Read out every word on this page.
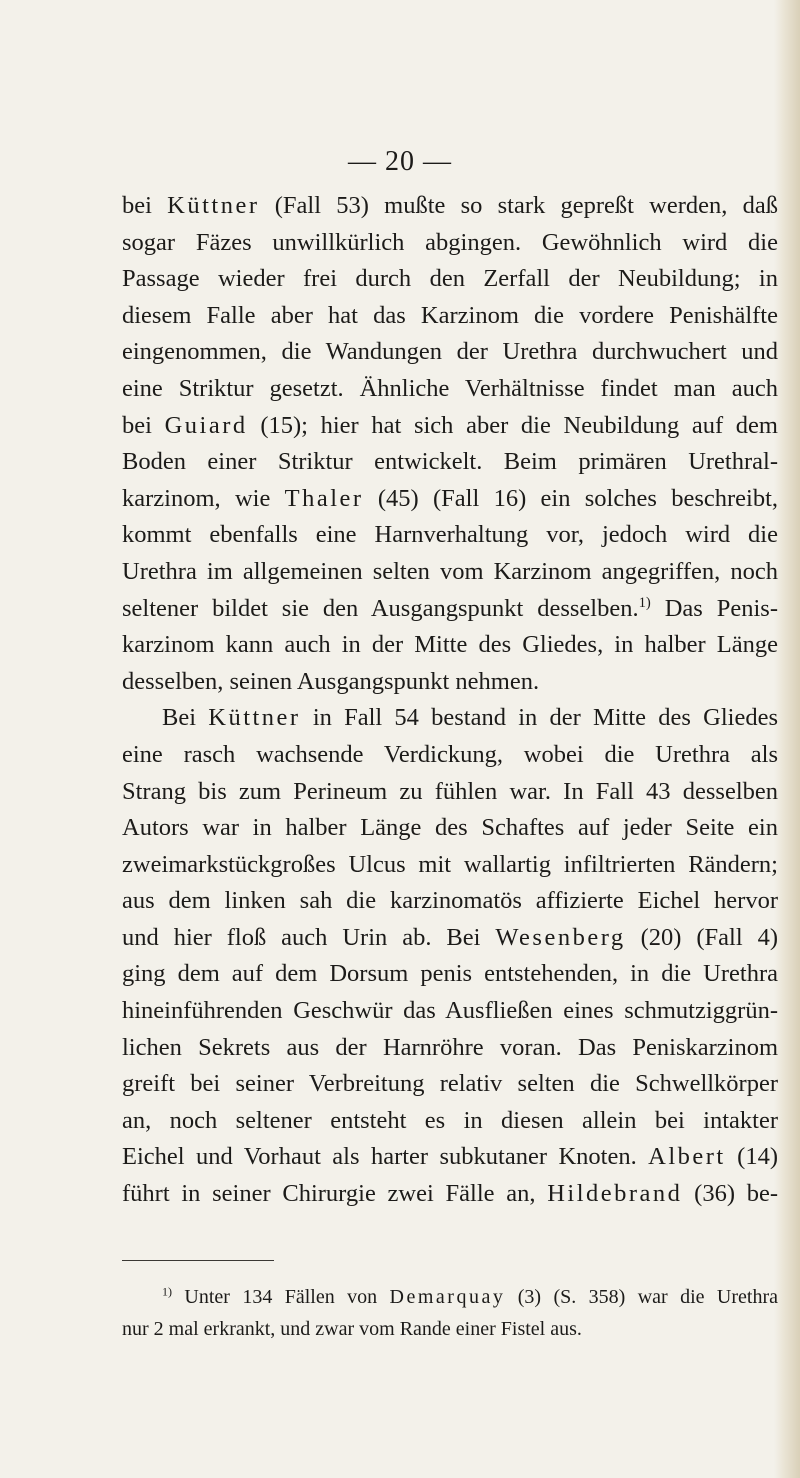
— 20 —
bei Küttner (Fall 53) mußte so stark gepreßt werden, daß
sogar Fäzes unwillkürlich abgingen. Gewöhnlich wird die
Passage wieder frei durch den Zerfall der Neubildung; in
diesem Falle aber hat das Karzinom die vordere Penishälfte
eingenommen, die Wandungen der Urethra durchwuchert und
eine Striktur gesetzt. Ähnliche Verhältnisse findet man auch
bei Guiard (15); hier hat sich aber die Neubildung auf dem
Boden einer Striktur entwickelt. Beim primären Urethral-
karzinom, wie Thaler (45) (Fall 16) ein solches beschreibt,
kommt ebenfalls eine Harnverhaltung vor, jedoch wird die
Urethra im allgemeinen selten vom Karzinom angegriffen, noch
seltener bildet sie den Ausgangspunkt desselben.$^{1)}$ Das Penis-
karzinom kann auch in der Mitte des Gliedes, in halber Länge
desselben, seinen Ausgangspunkt nehmen.
Bei Küttner in Fall 54 bestand in der Mitte des Gliedes
eine rasch wachsende Verdickung, wobei die Urethra als
Strang bis zum Perineum zu fühlen war. In Fall 43 desselben
Autors war in halber Länge des Schaftes auf jeder Seite ein
zweimarkstückgroßes Ulcus mit wallartig infiltrierten Rändern;
aus dem linken sah die karzinomatös affizierte Eichel hervor
und hier floß auch Urin ab. Bei Wesenberg (20) (Fall 4)
ging dem auf dem Dorsum penis entstehenden, in die Urethra
hineinführenden Geschwür das Ausfließen eines schmutziggrün-
lichen Sekrets aus der Harnröhre voran. Das Peniskarzinom
greift bei seiner Verbreitung relativ selten die Schwellkörper
an, noch seltener entsteht es in diesen allein bei intakter
Eichel und Vorhaut als harter subkutaner Knoten. Albert (14)
führt in seiner Chirurgie zwei Fälle an, Hildebrand (36) be-
$^{1)}$ Unter 134 Fällen von Demarquay (3) (S. 358) war die Urethra
nur 2 mal erkrankt, und zwar vom Rande einer Fistel aus.
